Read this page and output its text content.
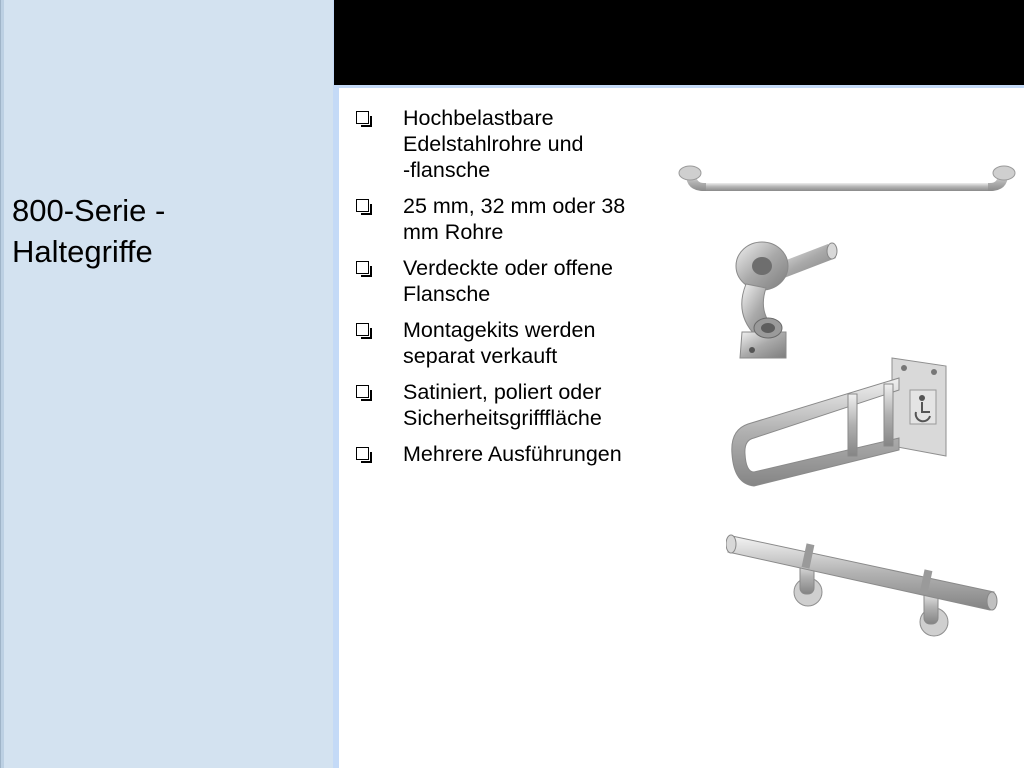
800-Serie -
Haltegriffe
Hochbelastbare
Edelstahlrohre und
-flansche
25 mm, 32 mm oder 38
mm Rohre
Verdeckte oder offene
Flansche
Montagekits werden
separat verkauft
Satiniert, poliert oder
Sicherheitsgrifffläche
Mehrere Ausführungen
